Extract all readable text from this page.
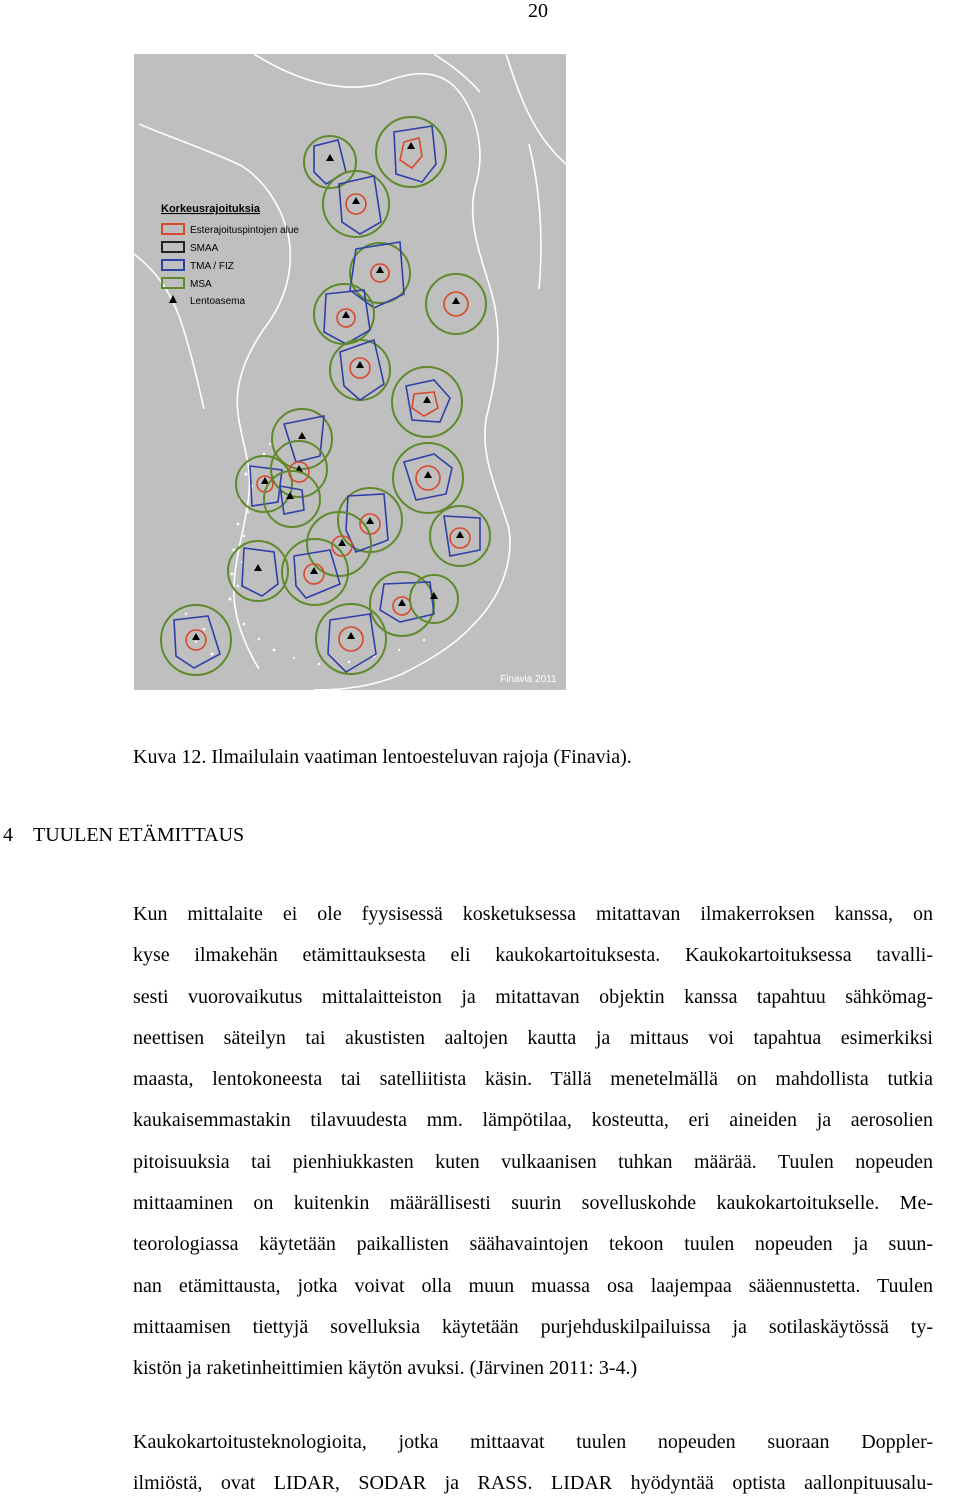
20
Korkeusrajoituksia
Esterajoituspintojen alue
SMAA
TMA / FIZ
MSA
Lentoasema
Finavia 2011
Kuva 12. Ilmailulain vaatiman lentoesteluvan rajoja (Finavia).
4 TUULEN ETÄMITTAUS

Kun mittalaite ei ole fyysisessä kosketuksessa mitattavan ilmakerroksen kanssa, on
kyse ilmakehän etämittauksesta eli kaukokartoituksesta. Kaukokartoituksessa tavalli-
sesti vuorovaikutus mittalaitteiston ja mitattavan objektin kanssa tapahtuu sähkömag-
neettisen säteilyn tai akustisten aaltojen kautta ja mittaus voi tapahtua esimerkiksi
maasta, lentokoneesta tai satelliitista käsin. Tällä menetelmällä on mahdollista tutkia
kaukaisemmastakin tilavuudesta mm. lämpötilaa, kosteutta, eri aineiden ja aerosolien
pitoisuuksia tai pienhiukkasten kuten vulkaanisen tuhkan määrää. Tuulen nopeuden
mittaaminen on kuitenkin määrällisesti suurin sovelluskohde kaukokartoitukselle. Me-
teorologiassa käytetään paikallisten säähavaintojen tekoon tuulen nopeuden ja suun-
nan etämittausta, jotka voivat olla muun muassa osa laajempaa sääennustetta. Tuulen
mittaamisen tiettyjä sovelluksia käytetään purjehduskilpailuissa ja sotilaskäytössä ty-
kistön ja raketinheittimien käytön avuksi. (Järvinen 2011: 3-4.)

Kaukokartoitusteknologioita, jotka mittaavat tuulen nopeuden suoraan Doppler-
ilmiöstä, ovat LIDAR, SODAR ja RASS. LIDAR hyödyntää optista aallonpituusalu-
